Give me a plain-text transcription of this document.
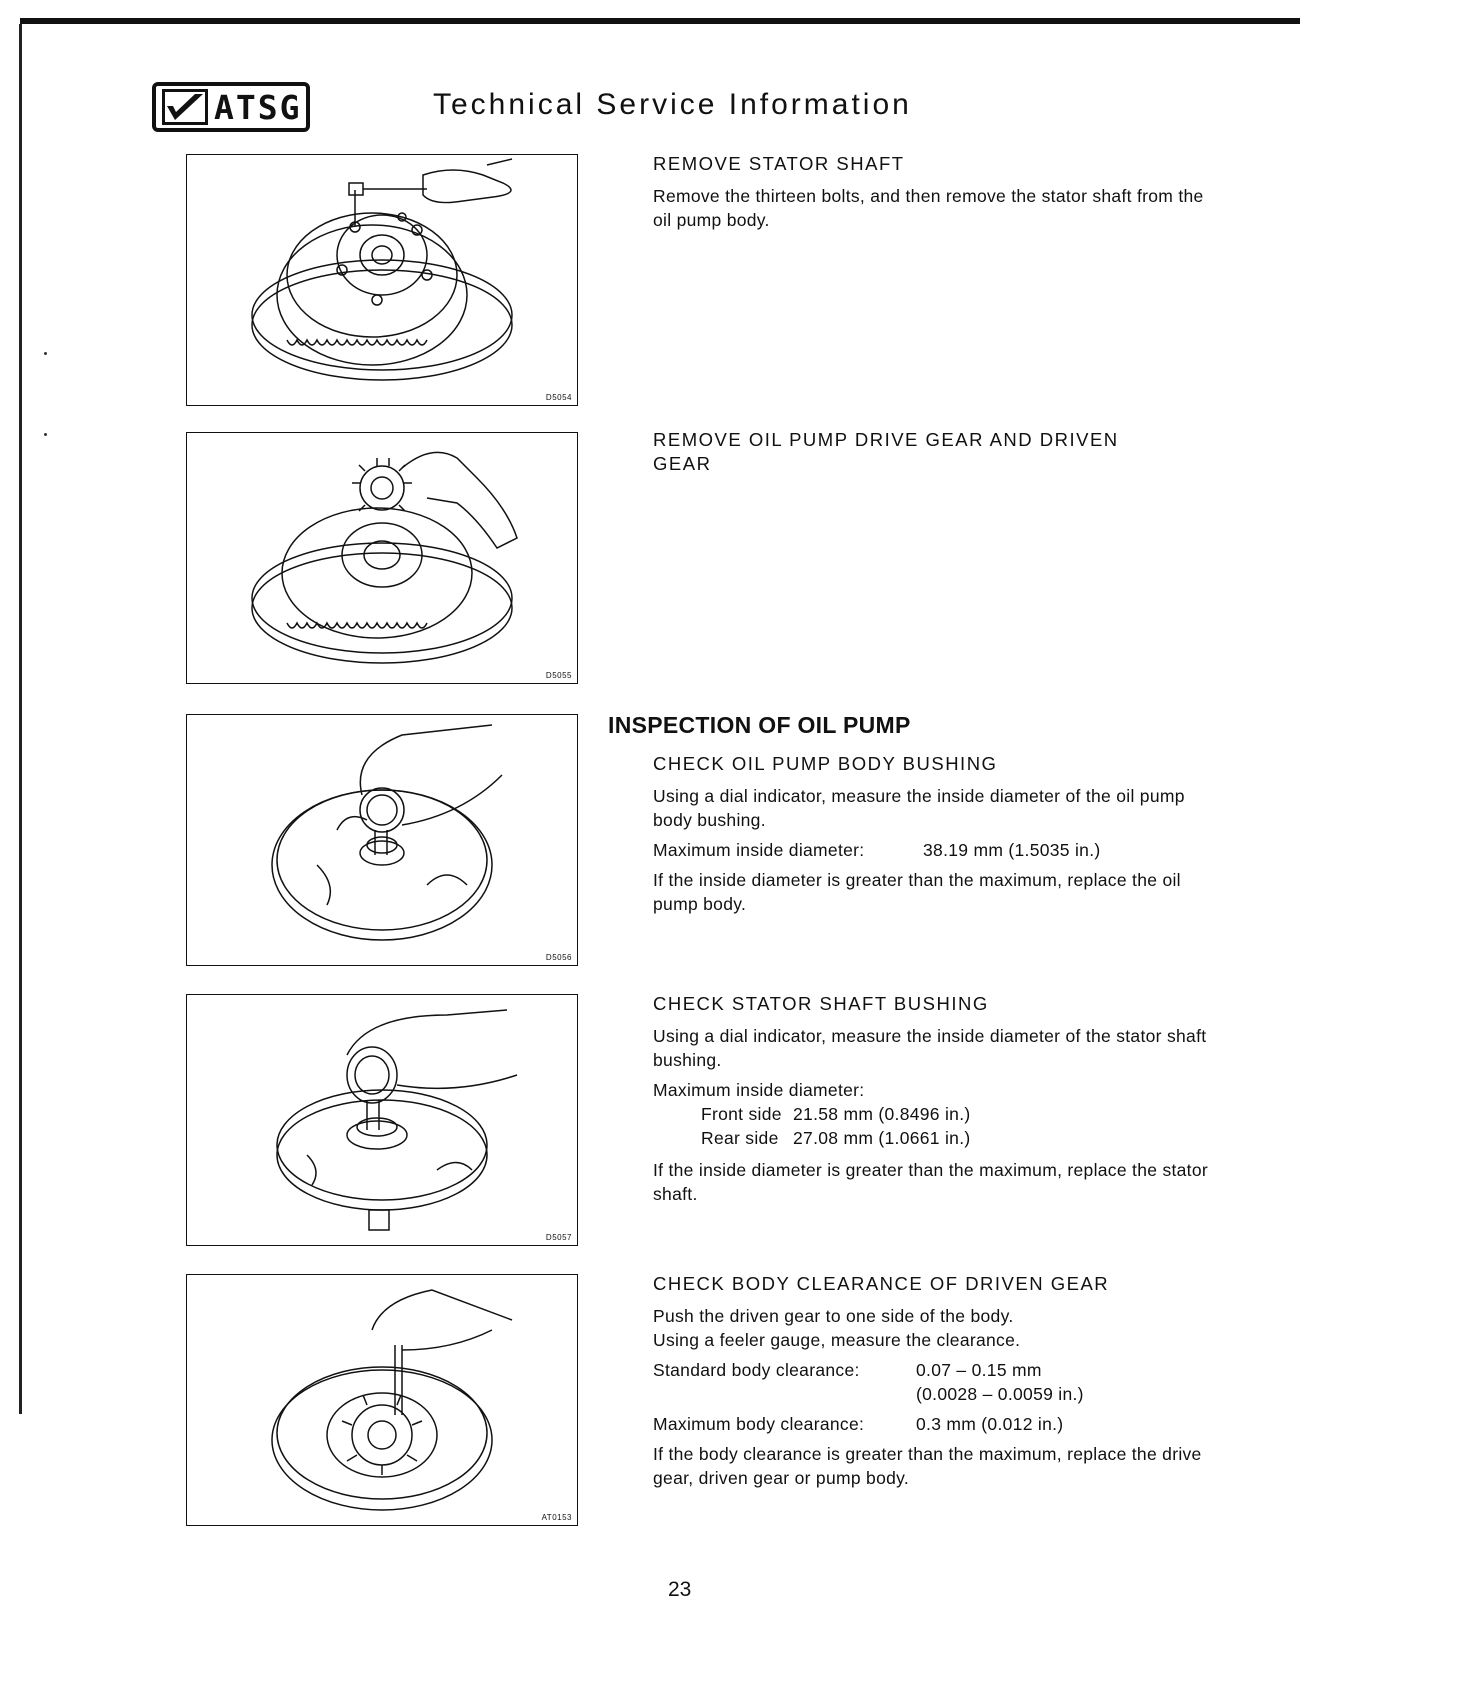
ATSG	Technical Service Information
D5054
D5055
D5056
D5057
AT0153
REMOVE STATOR SHAFT
Remove the thirteen bolts, and then remove the stator shaft from the oil pump body.
REMOVE OIL PUMP DRIVE GEAR AND DRIVEN
GEAR
INSPECTION OF OIL PUMP
CHECK OIL PUMP BODY BUSHING
Using a dial indicator, measure the inside diameter of the oil pump body bushing.
Maximum inside diameter:	38.19 mm (1.5035 in.)
If the inside diameter is greater than the maximum, replace the oil pump body.
CHECK STATOR SHAFT BUSHING
Using a dial indicator, measure the inside diameter of the stator shaft bushing.
Maximum inside diameter:
Front side 21.58 mm (0.8496 in.)
Rear side 27.08 mm (1.0661 in.)
If the inside diameter is greater than the maximum, replace the stator shaft.
CHECK BODY CLEARANCE OF DRIVEN GEAR
Push the driven gear to one side of the body.
Using a feeler gauge, measure the clearance.
Standard body clearance:	0.07 – 0.15 mm
(0.0028 – 0.0059 in.)
Maximum body clearance:	0.3 mm (0.012 in.)
If the body clearance is greater than the maximum, replace the drive gear, driven gear or pump body.
23
